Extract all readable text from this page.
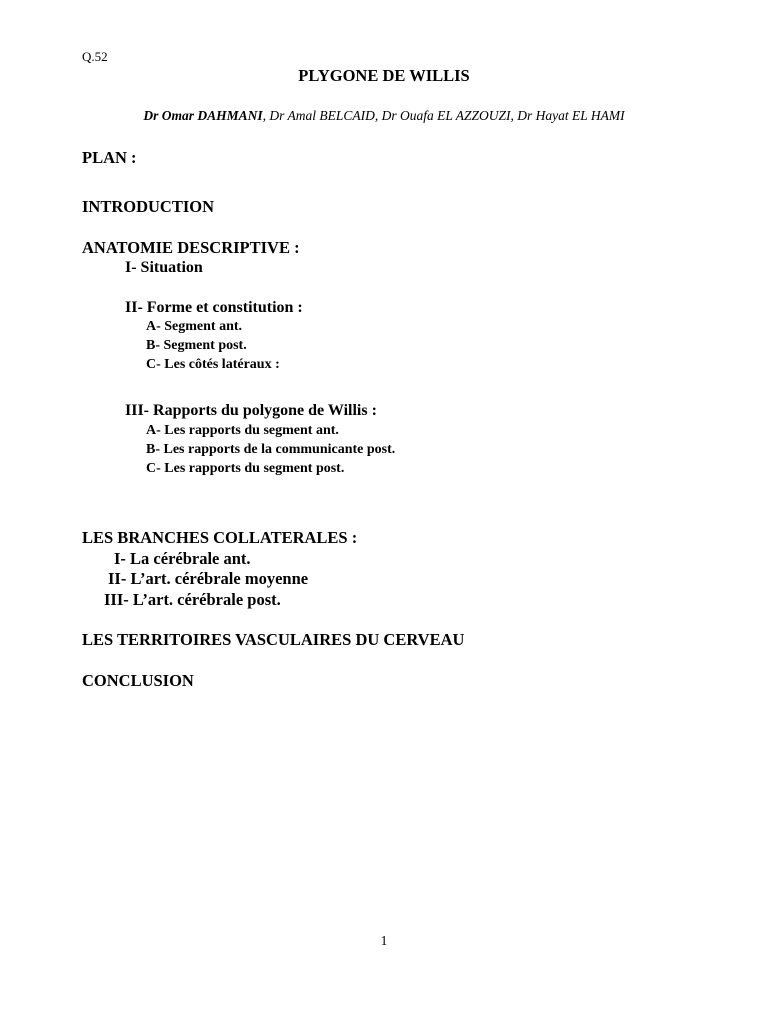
Q.52
PLYGONE DE WILLIS
Dr Omar DAHMANI, Dr Amal BELCAID, Dr Ouafa EL AZZOUZI, Dr Hayat EL HAMI
PLAN :
INTRODUCTION
ANATOMIE DESCRIPTIVE :
I- Situation
II- Forme et constitution :
A- Segment ant.
B- Segment post.
C- Les côtés latéraux :
III- Rapports du polygone de Willis :
A- Les rapports du segment ant.
B- Les rapports de la communicante post.
C- Les rapports du segment post.
LES BRANCHES COLLATERALES :
I- La cérébrale ant.
II- L’art. cérébrale moyenne
III- L’art. cérébrale post.
LES TERRITOIRES VASCULAIRES DU CERVEAU
CONCLUSION
1
